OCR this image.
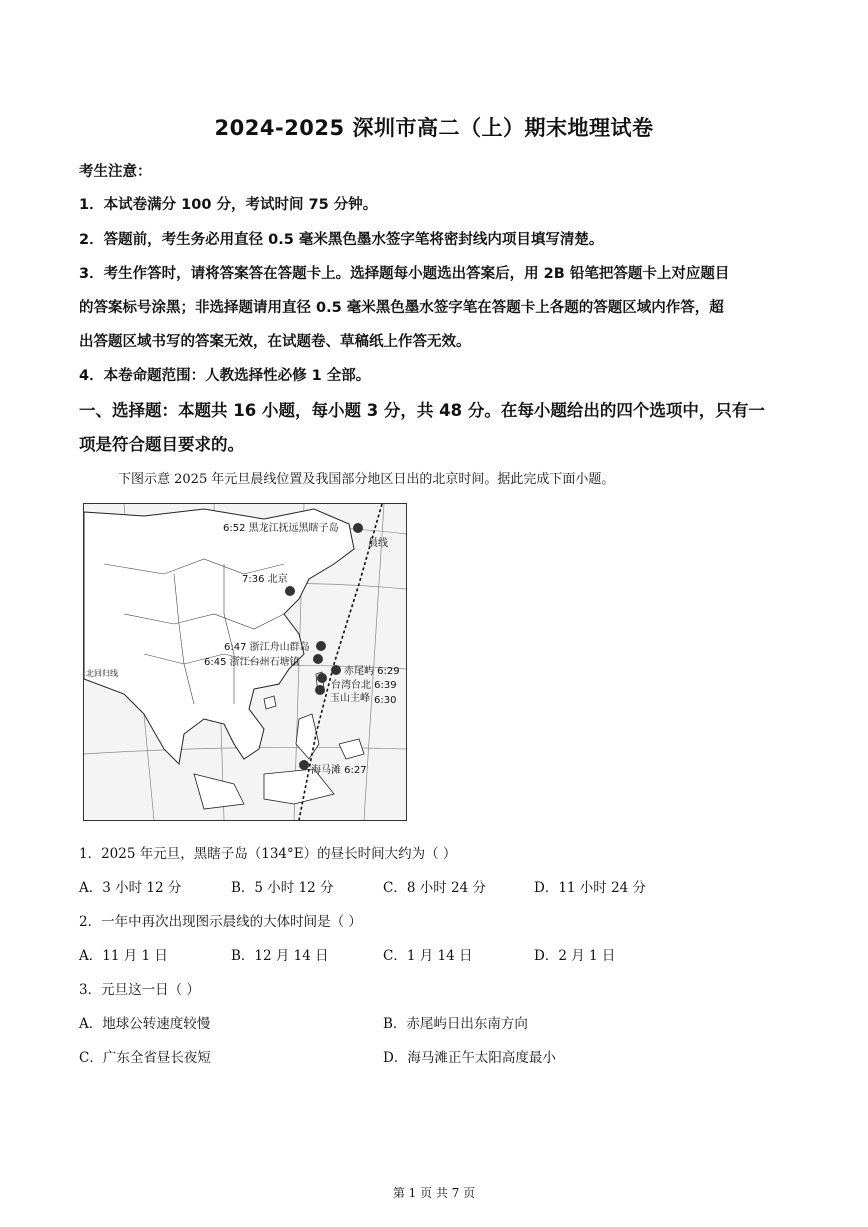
2024-2025 深圳市高二（上）期末地理试卷
考生注意：
1．本试卷满分 100 分，考试时间 75 分钟。
2．答题前，考生务必用直径 0.5 毫米黑色墨水签字笔将密封线内项目填写清楚。
3．考生作答时，请将答案答在答题卡上。选择题每小题选出答案后，用 2B 铅笔把答题卡上对应题目
的答案标号涂黑；非选择题请用直径 0.5 毫米黑色墨水签字笔在答题卡上各题的答题区域内作答，超
出答题区域书写的答案无效，在试题卷、草稿纸上作答无效。
4．本卷命题范围：人教选择性必修 1 全部。
一、选择题：本题共 16 小题，每小题 3 分，共 48 分。在每小题给出的四个选项中，只有一
项是符合题目要求的。
下图示意 2025 年元旦晨线位置及我国部分地区日出的北京时间。据此完成下面小题。
晨线
6:52 黑龙江抚远黑瞎子岛
7:36 北京
6:47 浙江舟山群岛
6:45 浙江台州石塘镇
赤尾屿 6:29
台湾台北 6:39
玉山主峰 6:30
海马滩 6:27
北回归线
1．2025 年元旦，黑瞎子岛（134°E）的昼长时间大约为（ ）
A．3 小时 12 分	B．5 小时 12 分	C．8 小时 24 分	D．11 小时 24 分
2．一年中再次出现图示晨线的大体时间是（ ）
A．11 月 1 日	B．12 月 14 日	C．1 月 14 日	D．2 月 1 日
3．元旦这一日（ ）
A．地球公转速度较慢	B．赤尾屿日出东南方向
C．广东全省昼长夜短	D．海马滩正午太阳高度最小
第 1 页 共 7 页
